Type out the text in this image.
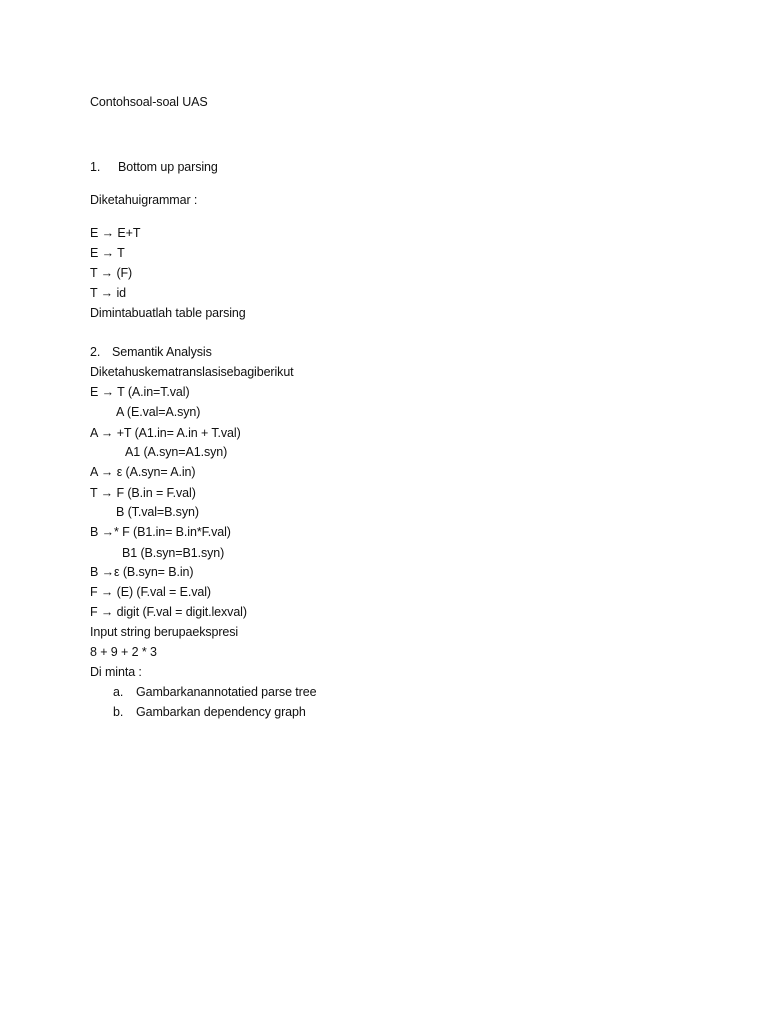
Contohsoal-soal UAS
1. Bottom up parsing
Diketahuigrammar :
E → E+T
E → T
T → (F)
T → id
Dimintabuatlah table parsing
2. Semantik Analysis
Diketahuskematranslasisebagiberikut
E → T (A.in=T.val)
A (E.val=A.syn)
A → +T (A1.in= A.in + T.val)
A1 (A.syn=A1.syn)
A → ε (A.syn= A.in)
T → F (B.in = F.val)
B (T.val=B.syn)
B →* F (B1.in= B.in*F.val)
B1 (B.syn=B1.syn)
B →ε (B.syn= B.in)
F → (E) (F.val = E.val)
F → digit (F.val = digit.lexval)
Input string berupaekspresi
8 + 9 + 2 * 3
Di minta :
a. Gambarkanannotatied parse tree
b. Gambarkan dependency graph
